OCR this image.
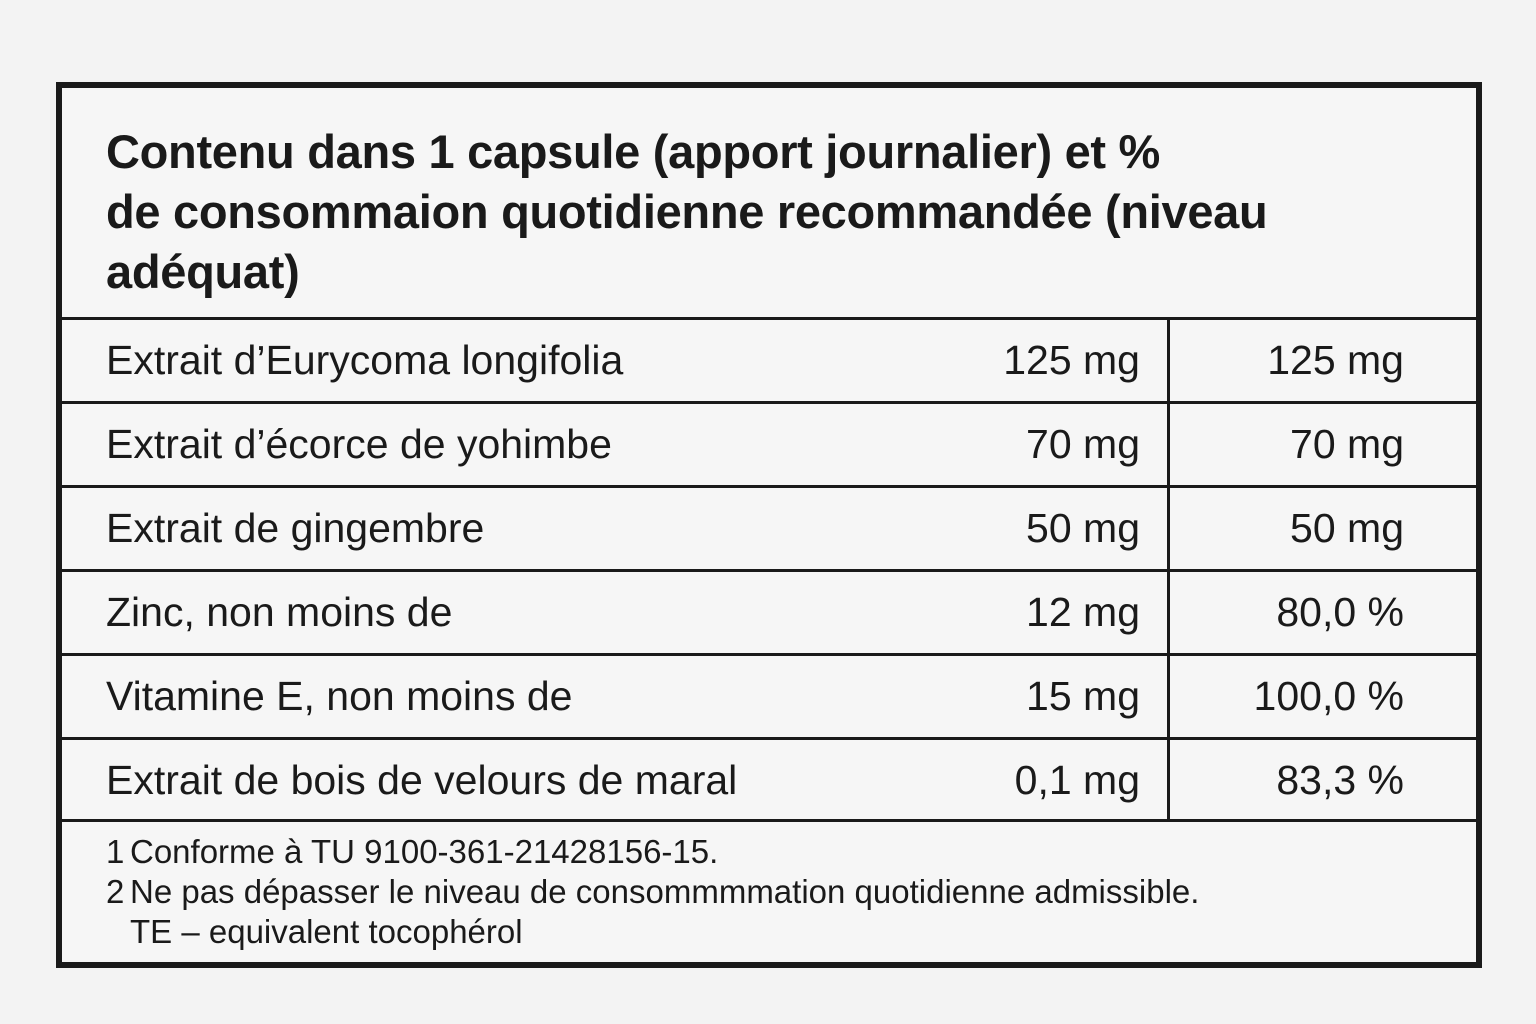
Contenu dans 1 capsule (apport journalier) et %
de consommaion quotidienne recommandée (niveau
adéquat)
Extrait d’Eurycoma longifolia	125 mg	125 mg
Extrait d’écorce de yohimbe	70 mg	70 mg
Extrait de gingembre	50 mg	50 mg
Zinc, non moins de	12 mg	80,0 %
Vitamine E, non moins de	15 mg	100,0 %
Extrait de bois de velours de maral	0,1 mg	83,3 %
1 Conforme à TU 9100-361-21428156-15.
2 Ne pas dépasser le niveau de consommmmation quotidienne admissible.
TE – equivalent tocophérol
